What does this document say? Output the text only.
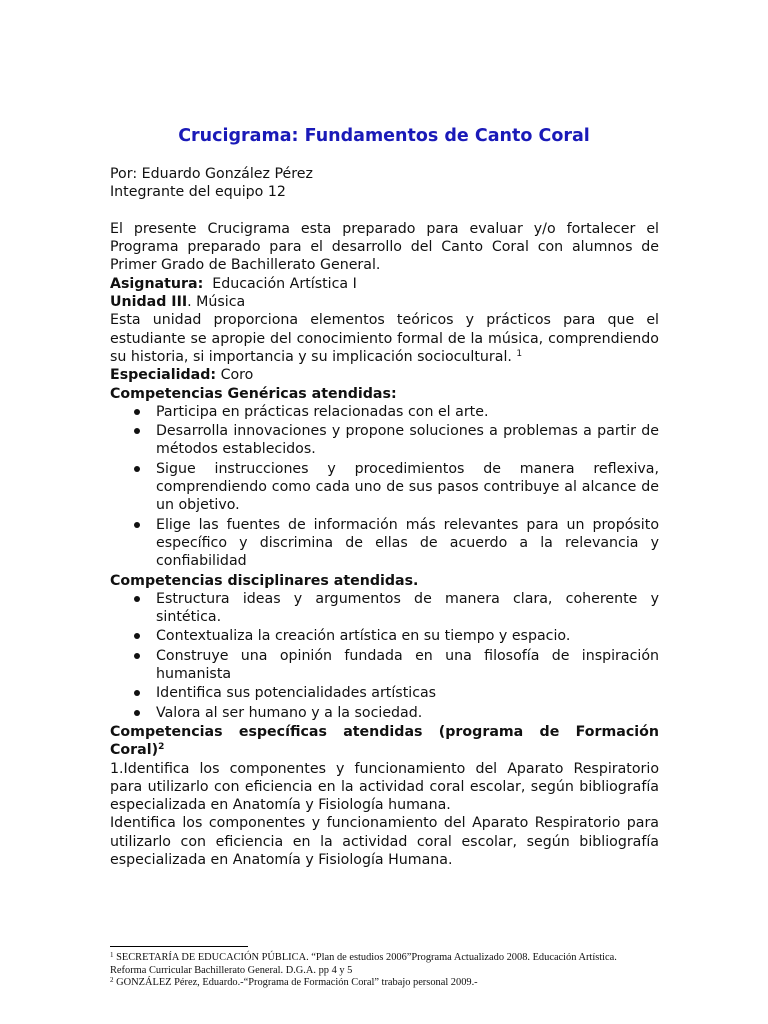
Crucigrama: Fundamentos de Canto Coral

Por: Eduardo González Pérez

Integrante del equipo 12

El presente Crucigrama esta preparado para evaluar y/o fortalecer el Programa preparado para el desarrollo del Canto Coral con alumnos de Primer Grado de Bachillerato General.

Asignatura: Educación Artística I

Unidad III. Música

Esta unidad proporciona elementos teóricos y prácticos para que el estudiante se apropie del conocimiento formal de la música, comprendiendo su historia, si importancia y su implicación sociocultural. $^1$

Especialidad: Coro

Competencias Genéricas atendidas:

Participa en prácticas relacionadas con el arte.
Desarrolla innovaciones y propone soluciones a problemas a partir de métodos establecidos.
Sigue instrucciones y procedimientos de manera reflexiva, comprendiendo como cada uno de sus pasos contribuye al alcance de un objetivo.
Elige las fuentes de información más relevantes para un propósito específico y discrimina de ellas de acuerdo a la relevancia y confiabilidad

Competencias disciplinares atendidas.

Estructura ideas y argumentos de manera clara, coherente y sintética.
Contextualiza la creación artística en su tiempo y espacio.
Construye una opinión fundada en una filosofía de inspiración humanista
Identifica sus potencialidades artísticas
Valora al ser humano y a la sociedad.

Competencias específicas atendidas (programa de Formación Coral)$^2$

1.Identifica los componentes y funcionamiento del Aparato Respiratorio  para utilizarlo con eficiencia en la actividad coral escolar, según bibliografía especializada en Anatomía y Fisiología humana.

Identifica los componentes y funcionamiento del Aparato Respiratorio para utilizarlo con eficiencia en la actividad coral escolar, según bibliografía especializada en Anatomía y Fisiología Humana.

$^1$ SECRETARÍA DE EDUCACIÓN PÚBLICA. “Plan de estudios 2006”Programa Actualizado 2008. Educación Artística. Reforma Curricular Bachillerato General. D.G.A. pp 4 y 5
$^2$ GONZÁLEZ Pérez, Eduardo.-“Programa de Formación Coral” trabajo personal 2009.-
